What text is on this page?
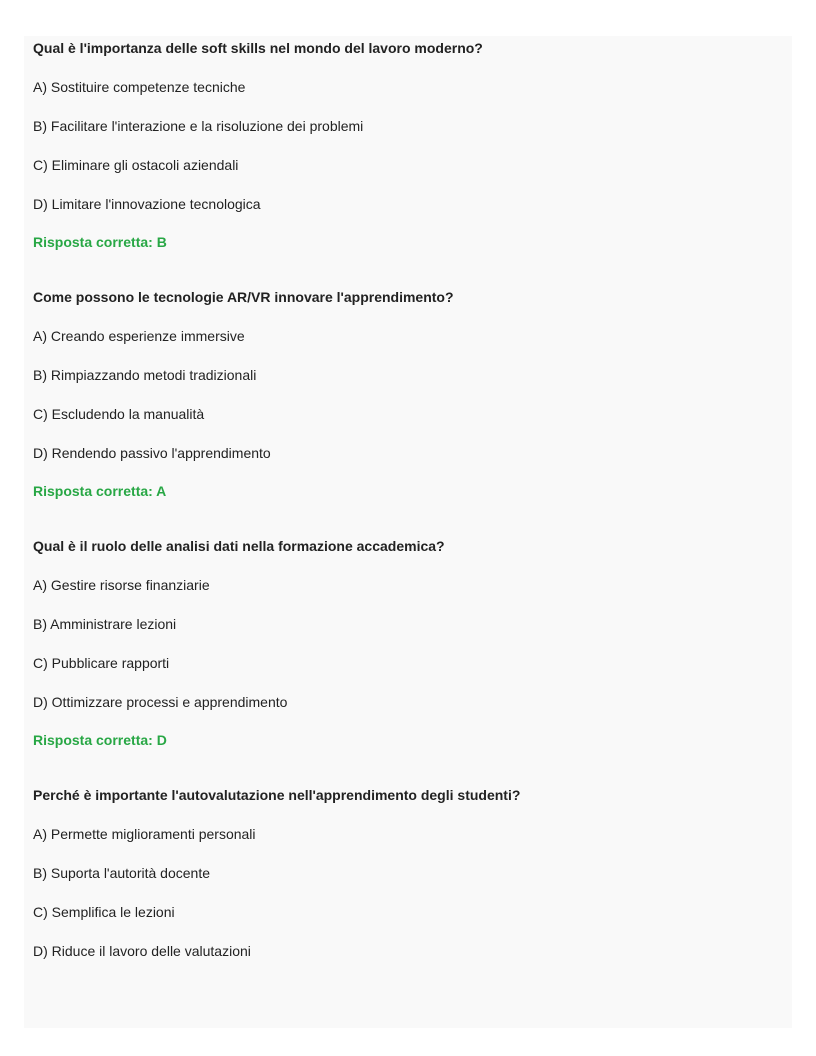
Qual è l'importanza delle soft skills nel mondo del lavoro moderno?
A) Sostituire competenze tecniche
B) Facilitare l'interazione e la risoluzione dei problemi
C) Eliminare gli ostacoli aziendali
D) Limitare l'innovazione tecnologica
Risposta corretta: B
Come possono le tecnologie AR/VR innovare l'apprendimento?
A) Creando esperienze immersive
B) Rimpiazzando metodi tradizionali
C) Escludendo la manualità
D) Rendendo passivo l'apprendimento
Risposta corretta: A
Qual è il ruolo delle analisi dati nella formazione accademica?
A) Gestire risorse finanziarie
B) Amministrare lezioni
C) Pubblicare rapporti
D) Ottimizzare processi e apprendimento
Risposta corretta: D
Perché è importante l'autovalutazione nell'apprendimento degli studenti?
A) Permette miglioramenti personali
B) Suporta l'autorità docente
C) Semplifica le lezioni
D) Riduce il lavoro delle valutazioni
